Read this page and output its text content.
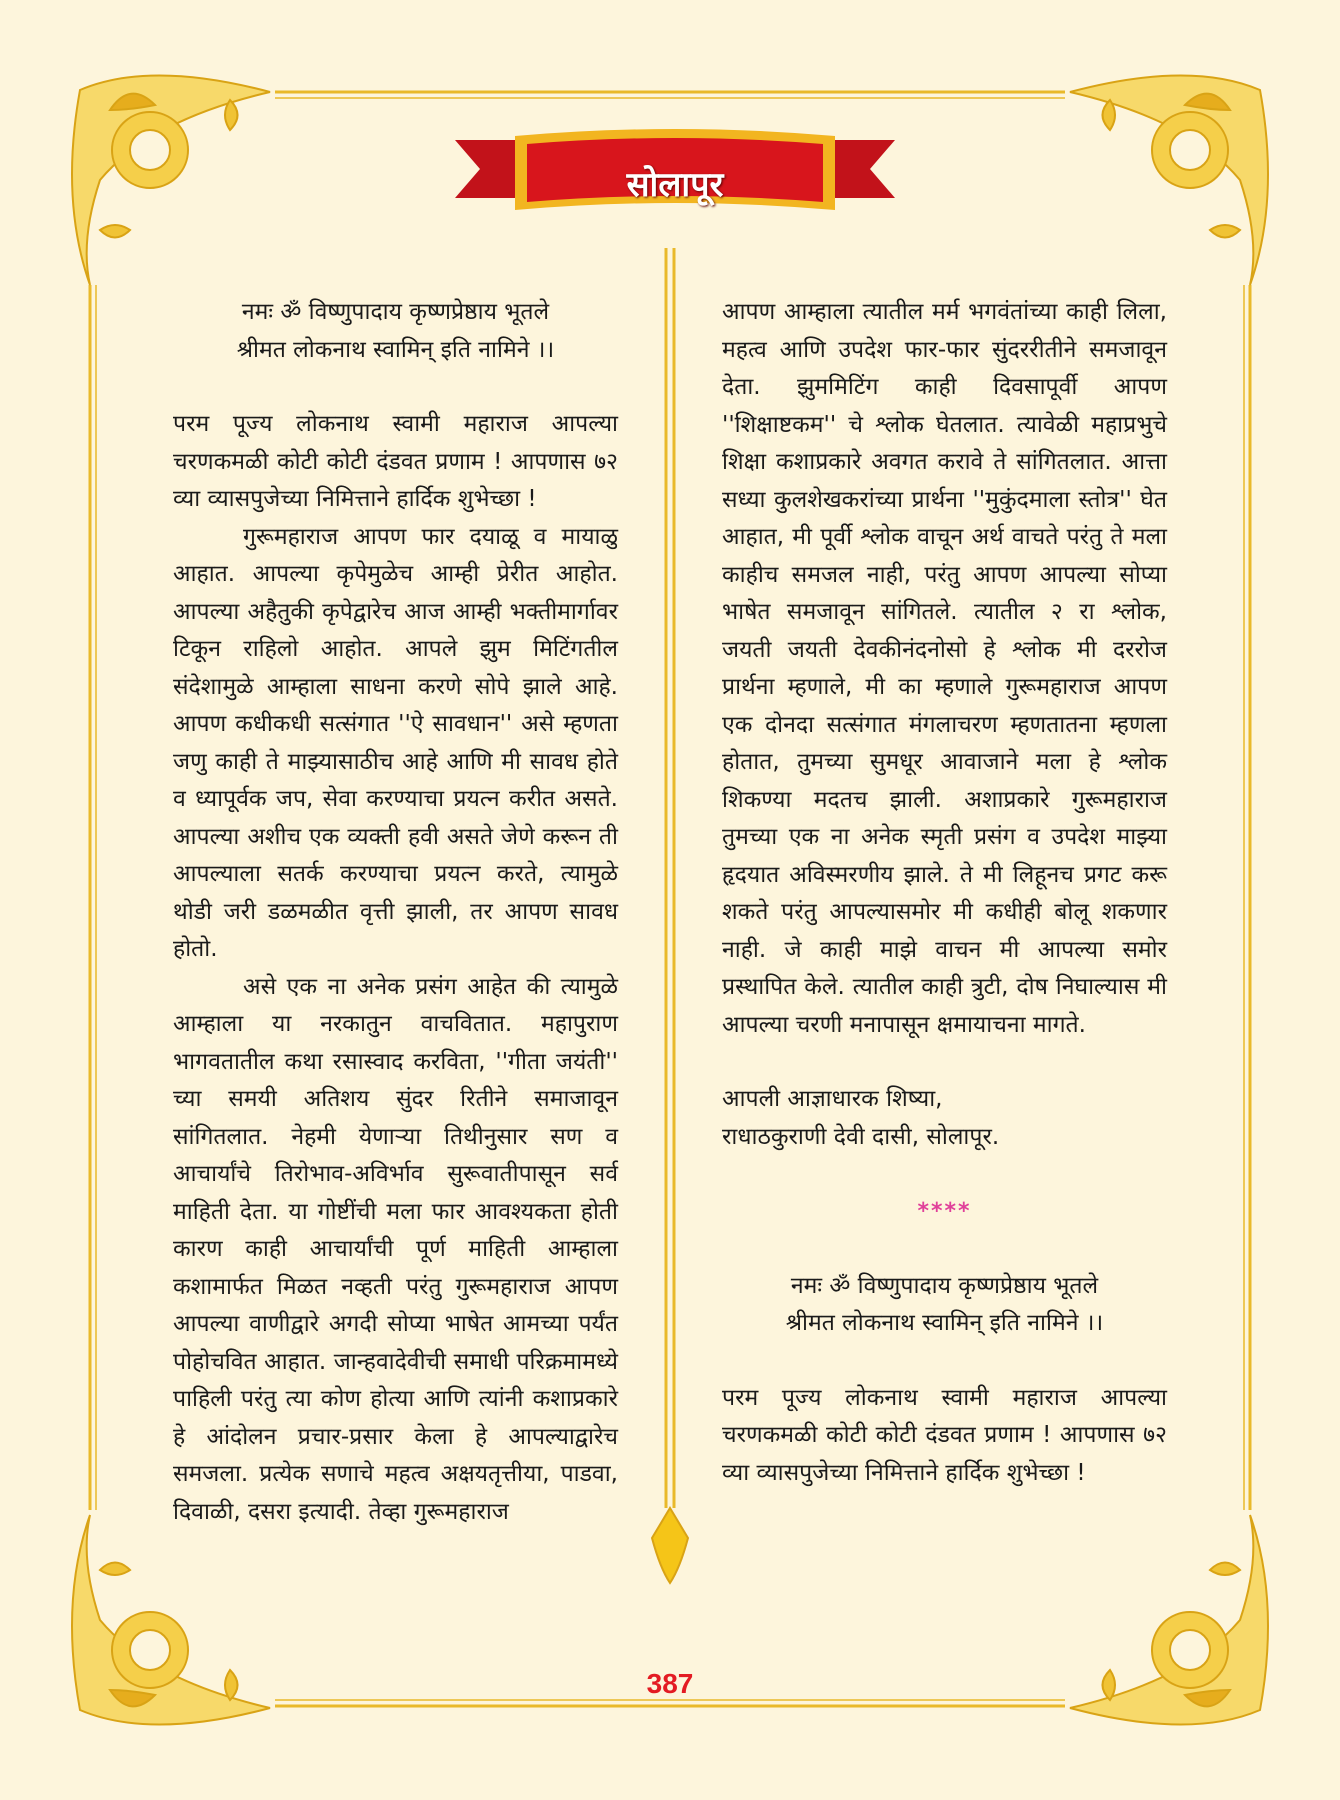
सोलापूर

नमः ॐ विष्णुपादाय कृष्णप्रेष्ठाय भूतले

श्रीमत लोकनाथ स्वामिन् इति नामिने ।।

परम पूज्य लोकनाथ स्वामी महाराज आपल्या चरणकमळी कोटी कोटी दंडवत प्रणाम ! आपणास ७२ व्या व्यासपुजेच्या निमित्ताने हार्दिक शुभेच्छा !

गुरूमहाराज आपण फार दयाळू व मायाळु आहात. आपल्या कृपेमुळेच आम्ही प्रेरीत आहोत. आपल्या अहैतुकी कृपेद्वारेच आज आम्ही भक्तीमार्गावर टिकून राहिलो आहोत. आपले झुम मिटिंगतील संदेशामुळे आम्हाला साधना करणे सोपे झाले आहे. आपण कधीकधी सत्संगात ''ऐ सावधान'' असे म्हणता जणु काही ते माझ्यासाठीच आहे आणि मी सावध होते व ध्यापूर्वक जप, सेवा करण्याचा प्रयत्न करीत असते. आपल्या अशीच एक व्यक्ती हवी असते जेणे करून ती आपल्याला सतर्क करण्याचा प्रयत्न करते, त्यामुळे थोडी जरी डळमळीत वृत्ती झाली, तर आपण सावध होतो.

असे एक ना अनेक प्रसंग आहेत की त्यामुळे आम्हाला या नरकातुन वाचवितात. महापुराण भागवतातील कथा रसास्वाद करविता, ''गीता जयंती'' च्या समयी अतिशय सुंदर रितीने समाजावून सांगितलात. नेहमी येणाऱ्या तिथीनुसार सण व आचार्यांचे तिरोभाव-अविर्भाव सुरूवातीपासून सर्व माहिती देता. या गोष्टींची मला फार आवश्यकता होती कारण काही आचार्यांची पूर्ण माहिती आम्हाला कशामार्फत मिळत नव्हती परंतु गुरूमहाराज आपण आपल्या वाणीद्वारे अगदी सोप्या भाषेत आमच्या पर्यंत पोहोचवित आहात. जान्हवादेवीची समाधी परिक्रमामध्ये पाहिली परंतु त्या कोण होत्या आणि त्यांनी कशाप्रकारे हे आंदोलन प्रचार-प्रसार केला हे आपल्याद्वारेच समजला. प्रत्येक सणाचे महत्व अक्षयतृत्तीया, पाडवा, दिवाळी, दसरा इत्यादी. तेव्हा गुरूमहाराज

आपण आम्हाला त्यातील मर्म भगवंतांच्या काही लिला, महत्व आणि उपदेश फार-फार सुंदररीतीने समजावून देता. झुममिटिंग काही दिवसापूर्वी आपण ''शिक्षाष्टकम'' चे श्लोक घेतलात. त्यावेळी महाप्रभुचे शिक्षा कशाप्रकारे अवगत करावे ते सांगितलात. आत्ता सध्या कुलशेखकरांच्या प्रार्थना ''मुकुंदमाला स्तोत्र'' घेत आहात, मी पूर्वी श्लोक वाचून अर्थ वाचते परंतु ते मला काहीच समजल नाही, परंतु आपण आपल्या सोप्या भाषेत समजावून सांगितले. त्यातील २ रा श्लोक, जयती जयती देवकीनंदनोसो हे श्लोक मी दररोज प्रार्थना म्हणाले, मी का म्हणाले गुरूमहाराज आपण एक दोनदा सत्संगात मंगलाचरण म्हणतातना म्हणला होतात, तुमच्या सुमधूर आवाजाने मला हे श्लोक शिकण्या मदतच झाली. अशाप्रकारे गुरूमहाराज तुमच्या एक ना अनेक स्मृती प्रसंग व उपदेश माझ्या हृदयात अविस्मरणीय झाले. ते मी लिहूनच प्रगट करू शकते परंतु आपल्यासमोर मी कधीही बोलू शकणार नाही. जे काही माझे वाचन मी आपल्या समोर प्रस्थापित केले. त्यातील काही त्रुटी, दोष निघाल्यास मी आपल्या चरणी मनापासून क्षमायाचना मागते.

आपली आज्ञाधारक शिष्या,

राधाठकुराणी देवी दासी, सोलापूर.

****

नमः ॐ विष्णुपादाय कृष्णप्रेष्ठाय भूतले

श्रीमत लोकनाथ स्वामिन् इति नामिने ।।

परम पूज्य लोकनाथ स्वामी महाराज आपल्या चरणकमळी कोटी कोटी दंडवत प्रणाम ! आपणास ७२ व्या व्यासपुजेच्या निमित्ताने हार्दिक शुभेच्छा !

387
